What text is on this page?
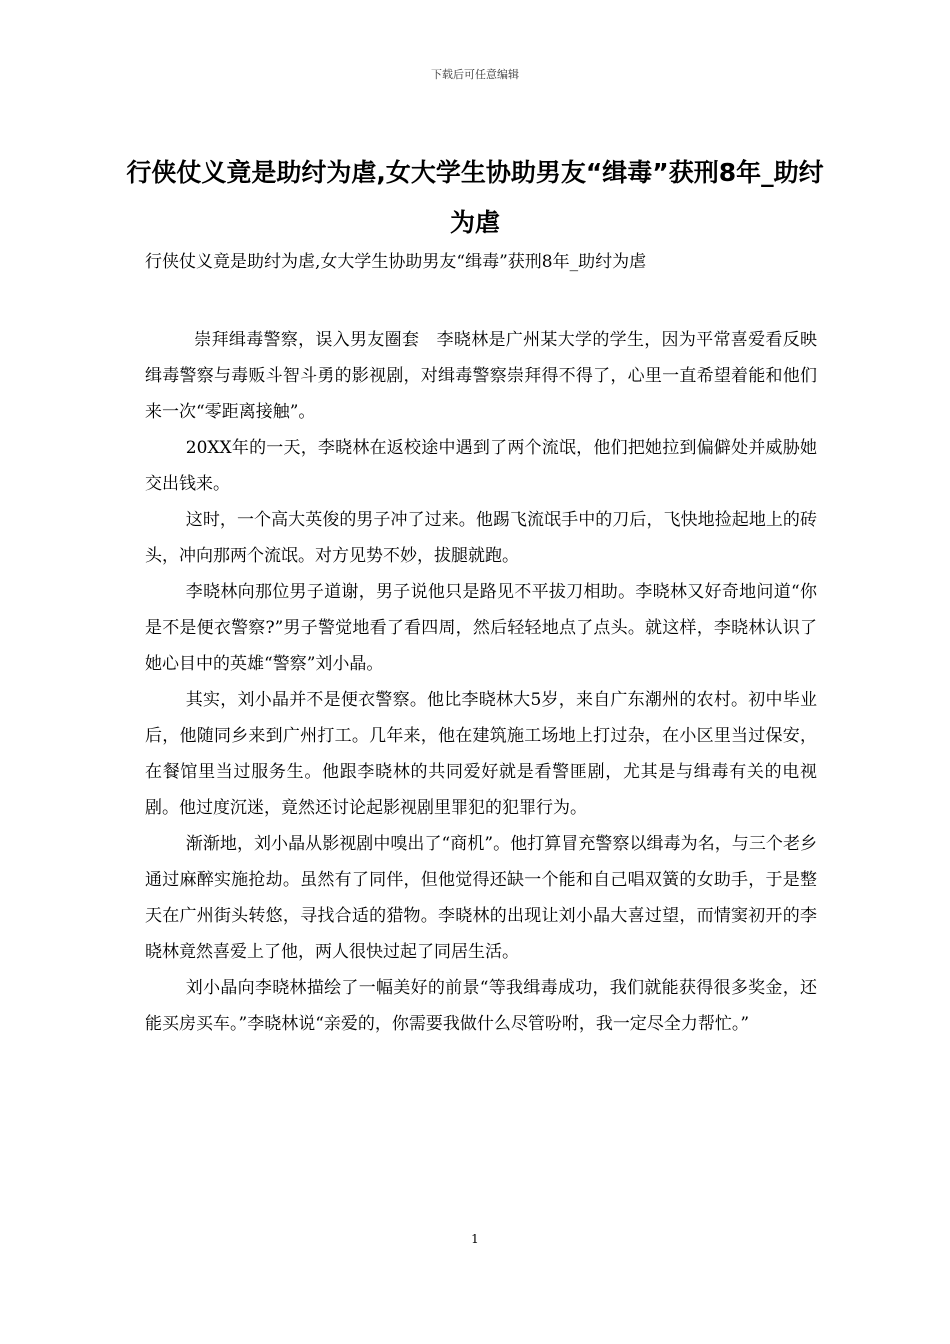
下载后可任意编辑
行侠仗义竟是助纣为虐,女大学生协助男友“缉毒”获刑8年_助纣为虐
行侠仗义竟是助纣为虐,女大学生协助男友“缉毒”获刑8年_助纣为虐

崇拜缉毒警察，误入男友圈套　李晓林是广州某大学的学生，因为平常喜爱看反映缉毒警察与毒贩斗智斗勇的影视剧，对缉毒警察崇拜得不得了，心里一直希望着能和他们来一次“零距离接触”。

20XX年的一天，李晓林在返校途中遇到了两个流氓，他们把她拉到偏僻处并威胁她交出钱来。

这时，一个高大英俊的男子冲了过来。他踢飞流氓手中的刀后，飞快地捡起地上的砖头，冲向那两个流氓。对方见势不妙，拔腿就跑。

李晓林向那位男子道谢，男子说他只是路见不平拔刀相助。李晓林又好奇地问道“你是不是便衣警察?”男子警觉地看了看四周，然后轻轻地点了点头。就这样，李晓林认识了她心目中的英雄“警察”刘小晶。

其实，刘小晶并不是便衣警察。他比李晓林大5岁，来自广东潮州的农村。初中毕业后，他随同乡来到广州打工。几年来，他在建筑施工场地上打过杂，在小区里当过保安，在餐馆里当过服务生。他跟李晓林的共同爱好就是看警匪剧，尤其是与缉毒有关的电视剧。他过度沉迷，竟然还讨论起影视剧里罪犯的犯罪行为。

渐渐地，刘小晶从影视剧中嗅出了“商机”。他打算冒充警察以缉毒为名，与三个老乡通过麻醉实施抢劫。虽然有了同伴，但他觉得还缺一个能和自己唱双簧的女助手，于是整天在广州街头转悠，寻找合适的猎物。李晓林的出现让刘小晶大喜过望，而情窦初开的李晓林竟然喜爱上了他，两人很快过起了同居生活。

刘小晶向李晓林描绘了一幅美好的前景“等我缉毒成功，我们就能获得很多奖金，还能买房买车。”李晓林说“亲爱的，你需要我做什么尽管吩咐，我一定尽全力帮忙。”

1
